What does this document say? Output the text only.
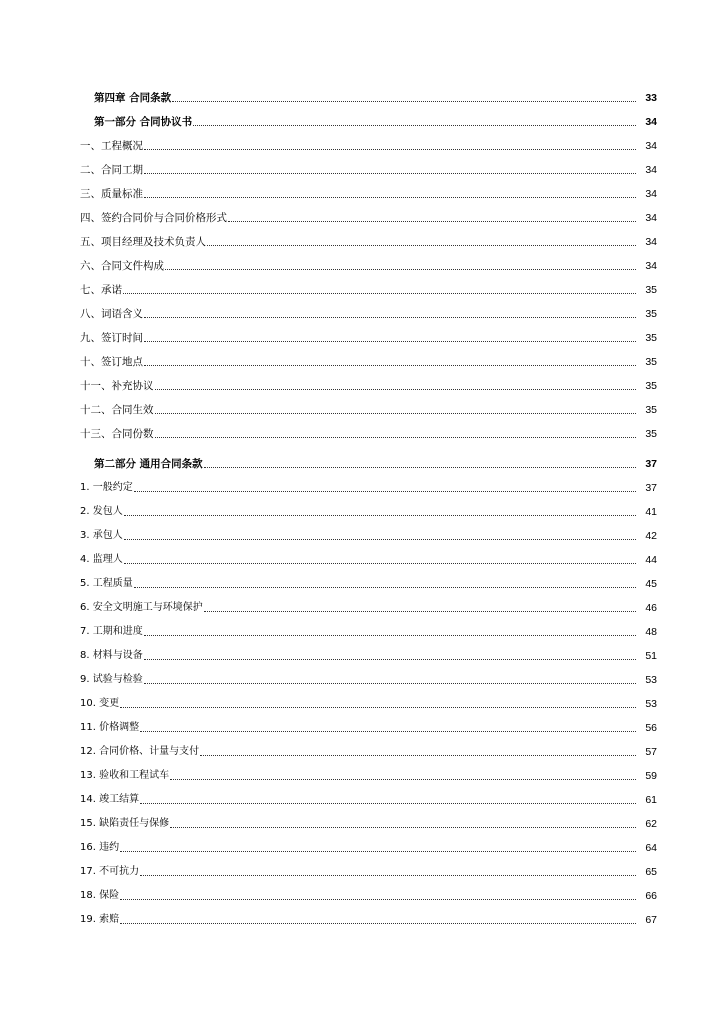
第四章 合同条款	33
第一部分 合同协议书	34
一、工程概况	34
二、合同工期	34
三、质量标准	34
四、签约合同价与合同价格形式	34
五、项目经理及技术负责人	34
六、合同文件构成	34
七、承诺	35
八、词语含义	35
九、签订时间	35
十、签订地点	35
十一、补充协议	35
十二、合同生效	35
十三、合同份数	35
第二部分 通用合同条款	37
1. 一般约定	37
2. 发包人	41
3. 承包人	42
4. 监理人	44
5. 工程质量	45
6. 安全文明施工与环境保护	46
7. 工期和进度	48
8. 材料与设备	51
9. 试验与检验	53
10. 变更	53
11. 价格调整	56
12. 合同价格、计量与支付	57
13. 验收和工程试车	59
14. 竣工结算	61
15. 缺陷责任与保修	62
16. 违约	64
17. 不可抗力	65
18. 保险	66
19. 索赔	67
